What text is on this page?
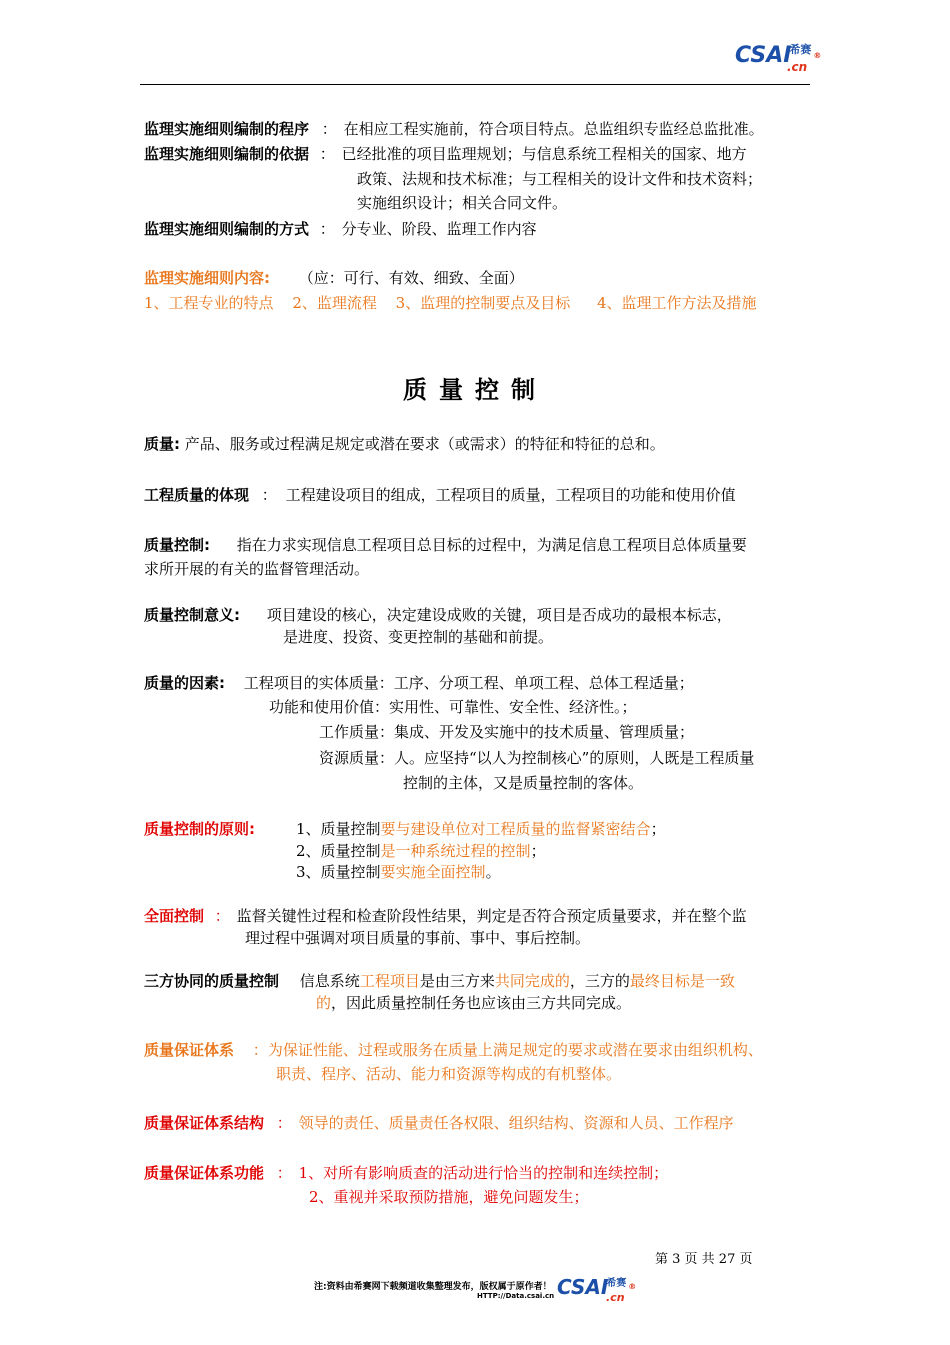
$CSAI^{希赛}$ ®
.cn
监理实施细则编制的程序 ： 在相应工程实施前，符合项目特点。总监组织专监经总监批准。
监理实施细则编制的依据 ： 已经批准的项目监理规划；与信息系统工程相关的国家、地方
政策、法规和技术标准；与工程相关的设计文件和技术资料；
实施组织设计；相关合同文件。
监理实施细则编制的方式 ： 分专业、阶段、监理工作内容
监理实施细则内容: （应：可行、有效、细致、全面）
1、工程专业的特点 2、监理流程 3、监理的控制要点及目标 4、监理工作方法及措施
质量控制
质量: 产品、服务或过程满足规定或潜在要求（或需求）的特征和特征的总和。
工程质量的体现 ： 工程建设项目的组成，工程项目的质量，工程项目的功能和使用价值
质量控制: 指在力求实现信息工程项目总目标的过程中，为满足信息工程项目总体质量要
求所开展的有关的监督管理活动。
质量控制意义: 项目建设的核心，决定建设成败的关键，项目是否成功的最根本标志，
是进度、投资、变更控制的基础和前提。
质量的因素: 工程项目的实体质量：工序、分项工程、单项工程、总体工程适量；
功能和使用价值：实用性、可靠性、安全性、经济性。；
工作质量：集成、开发及实施中的技术质量、管理质量；
资源质量：人。应坚持“以人为控制核心”的原则，人既是工程质量
控制的主体，又是质量控制的客体。
质量控制的原则:	1、质量控制要与建设单位对工程质量的监督紧密结合；
2、质量控制是一种系统过程的控制；
3、质量控制要实施全面控制。
全面控制 ： 监督关键性过程和检查阶段性结果，判定是否符合预定质量要求，并在整个监
理过程中强调对项目质量的事前、事中、事后控制。
三方协同的质量控制 信息系统工程项目是由三方来共同完成的，三方的最终目标是一致
的，因此质量控制任务也应该由三方共同完成。
质量保证体系 ：为保证性能、过程或服务在质量上满足规定的要求或潜在要求由组织机构、
职责、程序、活动、能力和资源等构成的有机整体。
质量保证体系结构 ： 领导的责任、质量责任各权限、组织结构、资源和人员、工作程序
质量保证体系功能 ： 1、对所有影响质查的活动进行恰当的控制和连续控制；
2、重视并采取预防措施，避免问题发生；
第 3 页 共 27 页
注:资料由希赛网下载频道收集整理发布，版权属于原作者！
HTTP://Data.csai.cn $CSAI^{希赛}$ ®
.cn
